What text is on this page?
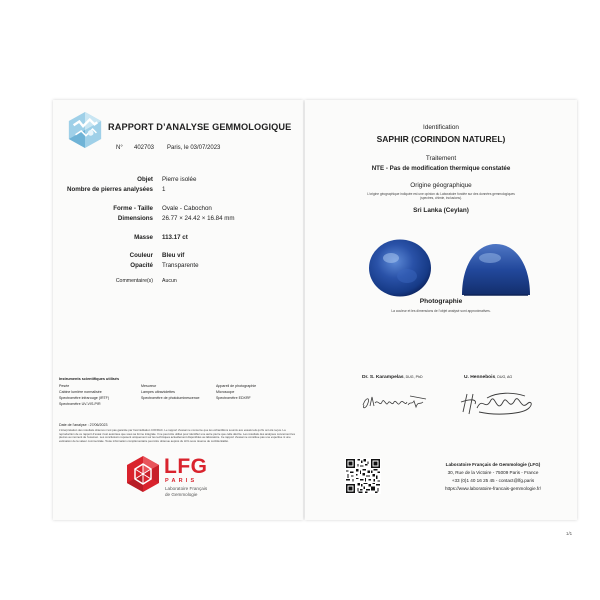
RAPPORT D’ANALYSE GEMMOLOGIQUE
N° 402703 Paris, le 03/07/2023
Objet Pierre isolée
Nombre de pierres analysées 1
Forme - Taille Ovale - Cabochon
Dimensions 26.77 × 24.42 × 16.84 mm
Masse 113.17 ct
Couleur Bleu vif
Opacité Transparente
Commentaire(s) Aucun
Instruments scientifiques utilisés
Pesée	Mesureur	Appareil de photographie
Cabine lumière normalisée	Lampes ultraviolettes	Microscope
Spectromètre infrarouge (IRTF)	Spectromètre de photoluminescence	Spectromètre EDXRF
Spectromètre UV-VIS-PIR
Date de l’analyse : 27/06/2023
L’interprétation des résultats obtenus n’est pas garantie par l’accréditation COFRAC. Le rapport d’essai ne concerne que les échantillons soumis aux essais tels qu’ils ont été reçus. La reproduction de ce rapport d’essai n’est autorisée que sous sa forme intégrale. Il ne peut être utilisé pour identifier une autre pierre que celle décrite. Les résultats des analyses concernent les pierres au moment de l’examen. Les conclusions reposent uniquement sur les techniques actuellement disponibles au laboratoire. Ce rapport d’essai ne constitue pas une expertise ni une estimation de la valeur commerciale. Toute information complémentaire peut être obtenue auprès du LFG sous réserve de confidentialité.
LFG
PARIS
Laboratoire Français
de Gemmologie
Identification
SAPHIR (CORINDON NATUREL)
Traitement
NTE - Pas de modification thermique constatée
Origine géographique
L’origine géographique indiquée est une opinion du Laboratoire fondée sur des données gemmologiques (spectres, chimie, inclusions).
Sri Lanka (Ceylan)
Photographie
La couleur et les dimensions de l’objet analysé sont approximatives.
Dr. S. Karampelas, DUG, PhD	U. Hennebois, DUG, AG
Laboratoire Français de Gemmologie (LFG)
30, Rue de la Victoire - 75009 Paris - France
+33 (0)1 40 16 25 45 - contact@lfg.paris
https://www.laboratoire-francais-gemmologie.fr/
1/1
